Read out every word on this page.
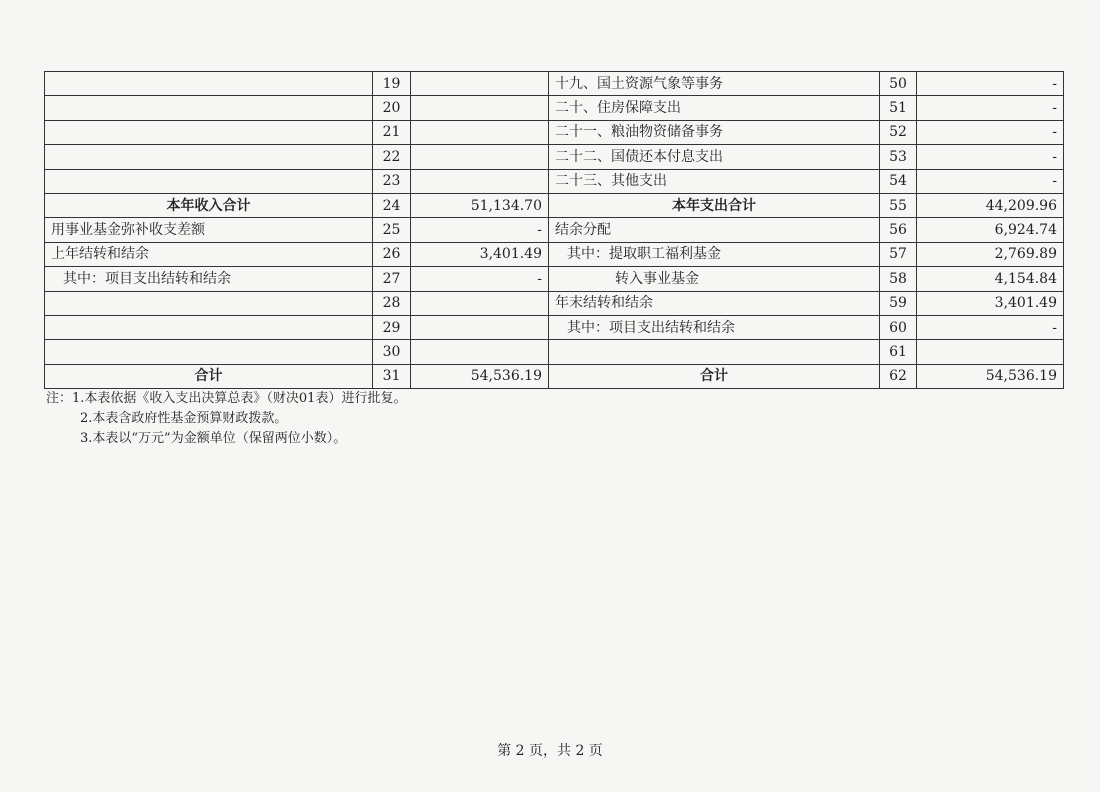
	19		十九、国土资源气象等事务	50	-
	20		二十、住房保障支出	51	-
	21		二十一、粮油物资储备事务	52	-
	22		二十二、国债还本付息支出	53	-
	23		二十三、其他支出	54	-
本年收入合计	24	51,134.70	本年支出合计	55	44,209.96
用事业基金弥补收支差额	25	-	结余分配	56	6,924.74
上年结转和结余	26	3,401.49	其中：提取职工福利基金	57	2,769.89
其中：项目支出结转和结余	27	-	转入事业基金	58	4,154.84
	28		年末结转和结余	59	3,401.49
	29		其中：项目支出结转和结余	60	-
	30			61	
合计	31	54,536.19	合计	62	54,536.19
注：1.本表依据《收入支出决算总表》（财决01表）进行批复。
2.本表含政府性基金预算财政拨款。
3.本表以“万元”为金额单位（保留两位小数）。
第 2 页，共 2 页
